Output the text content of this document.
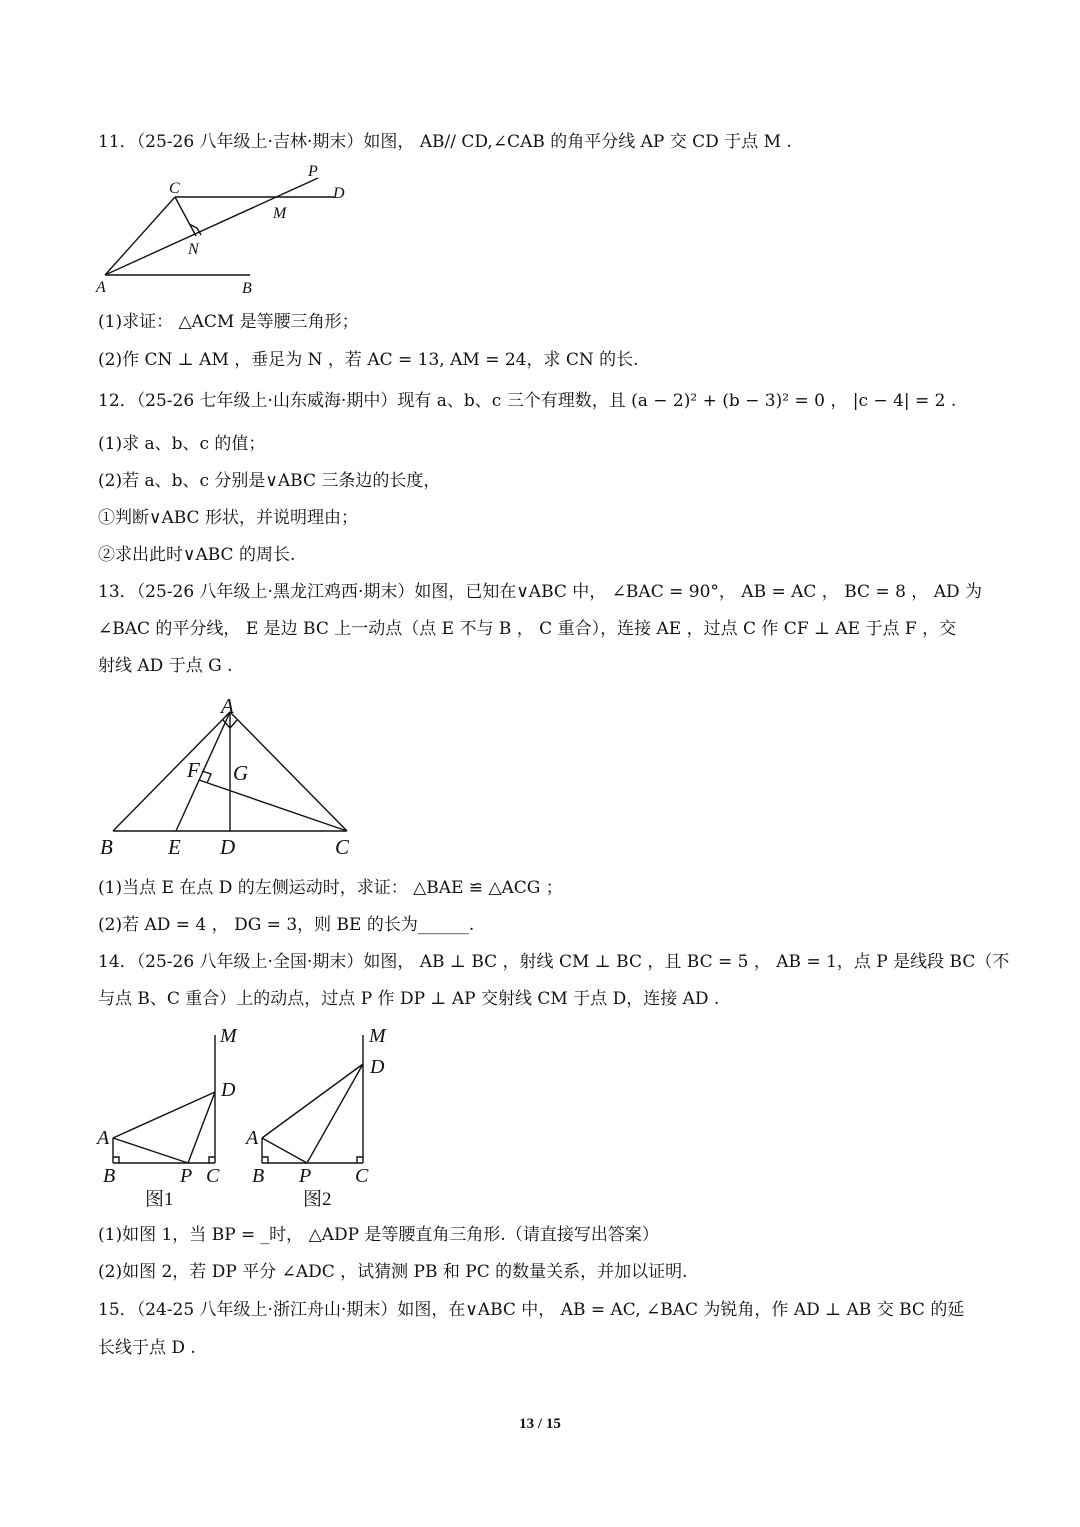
11．（25-26 八年级上·吉林·期末）如图， AB// CD,∠CAB 的角平分线 AP 交 CD 于点 M .
(1)求证： △ACM 是等腰三角形；
(2)作 CN ⊥ AM ，垂足为 N ，若 AC = 13, AM = 24，求 CN 的长.
12．（25-26 七年级上·山东威海·期中）现有 a、b、c 三个有理数，且 (a − 2)² + (b − 3)² = 0 ， |c − 4| = 2 .
(1)求 a、b、c 的值；
(2)若 a、b、c 分别是∨ABC 三条边的长度，
①判断∨ABC 形状，并说明理由；
②求出此时∨ABC 的周长.
13．（25-26 八年级上·黑龙江鸡西·期末）如图，已知在∨ABC 中， ∠BAC = 90°， AB = AC ， BC = 8 ， AD 为
∠BAC 的平分线， E 是边 BC 上一动点（点 E 不与 B ， C 重合），连接 AE ，过点 C 作 CF ⊥ AE 于点 F ，交
射线 AD 于点 G .
(1)当点 E 在点 D 的左侧运动时，求证： △BAE ≌ △ACG ；
(2)若 AD = 4 ， DG = 3，则 BE 的长为______.
14．（25-26 八年级上·全国·期末）如图， AB ⊥ BC ，射线 CM ⊥ BC ，且 BC = 5 ， AB = 1，点 P 是线段 BC（不
与点 B、C 重合）上的动点，过点 P 作 DP ⊥ AP 交射线 CM 于点 D，连接 AD .
(1)如图 1，当 BP = _时， △ADP 是等腰直角三角形.（请直接写出答案）
(2)如图 2，若 DP 平分 ∠ADC ，试猜测 PB 和 PC 的数量关系，并加以证明.
15．（24-25 八年级上·浙江舟山·期末）如图，在∨ABC 中， AB = AC, ∠BAC 为锐角，作 AD ⊥ AB 交 BC 的延
长线于点 D .
P
D
C
M
N
A	B
A
F G
B	E D	C
M
D
A
B	P C
图1
M
D
A
B P C
图2
13 / 15
